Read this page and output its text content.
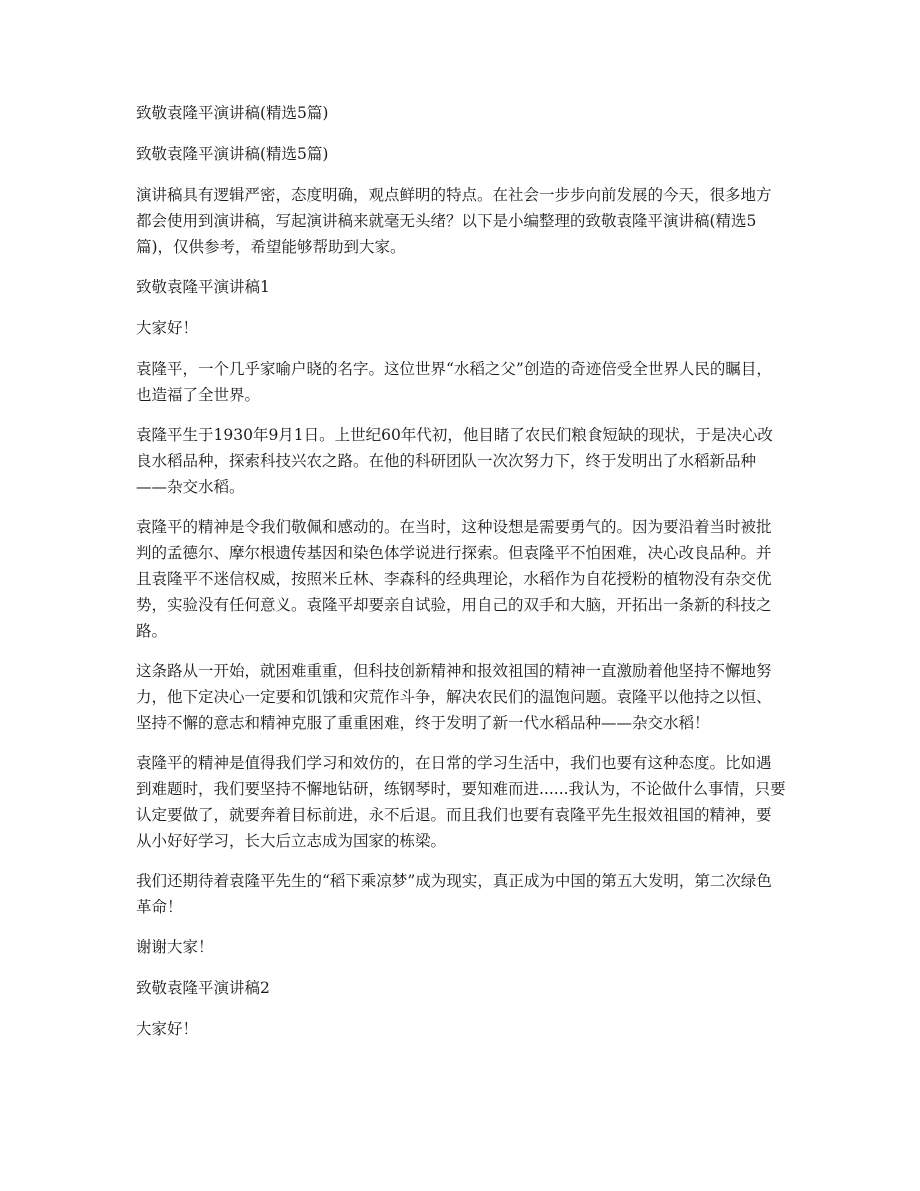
致敬袁隆平演讲稿(精选5篇)

致敬袁隆平演讲稿(精选5篇)

演讲稿具有逻辑严密，态度明确，观点鲜明的特点。在社会一步步向前发展的今天，很多地方都会使用到演讲稿，写起演讲稿来就毫无头绪？以下是小编整理的致敬袁隆平演讲稿(精选5篇)，仅供参考，希望能够帮助到大家。

致敬袁隆平演讲稿1

大家好！

袁隆平，一个几乎家喻户晓的名字。这位世界“水稻之父”创造的奇迹倍受全世界人民的瞩目，也造福了全世界。

袁隆平生于1930年9月1日。上世纪60年代初，他目睹了农民们粮食短缺的现状，于是决心改良水稻品种，探索科技兴农之路。在他的科研团队一次次努力下，终于发明出了水稻新品种——杂交水稻。

袁隆平的精神是令我们敬佩和感动的。在当时，这种设想是需要勇气的。因为要沿着当时被批判的孟德尔、摩尔根遗传基因和染色体学说进行探索。但袁隆平不怕困难，决心改良品种。并且袁隆平不迷信权威，按照米丘林、李森科的经典理论，水稻作为自花授粉的植物没有杂交优势，实验没有任何意义。袁隆平却要亲自试验，用自己的双手和大脑，开拓出一条新的科技之路。

这条路从一开始，就困难重重，但科技创新精神和报效祖国的精神一直激励着他坚持不懈地努力，他下定决心一定要和饥饿和灾荒作斗争，解决农民们的温饱问题。袁隆平以他持之以恒、坚持不懈的意志和精神克服了重重困难，终于发明了新一代水稻品种——杂交水稻！

袁隆平的精神是值得我们学习和效仿的，在日常的学习生活中，我们也要有这种态度。比如遇到难题时，我们要坚持不懈地钻研，练钢琴时，要知难而进......我认为，不论做什么事情，只要认定要做了，就要奔着目标前进，永不后退。而且我们也要有袁隆平先生报效祖国的精神，要从小好好学习，长大后立志成为国家的栋梁。

我们还期待着袁隆平先生的“稻下乘凉梦”成为现实，真正成为中国的第五大发明，第二次绿色革命！

谢谢大家！

致敬袁隆平演讲稿2

大家好！
